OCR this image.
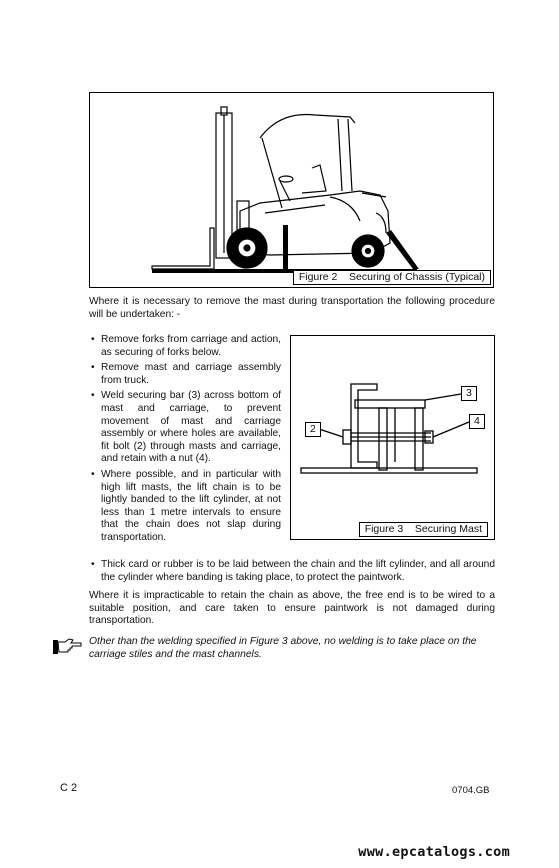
Figure 2    Securing of Chassis (Typical)
Where it is necessary to remove the mast during transportation the following procedure will be undertaken: -
• Remove forks from carriage and action, as securing of forks below.
• Remove mast and carriage assembly from truck.
• Weld securing bar (3) across bottom of mast and carriage, to prevent movement of mast and carriage assembly or where holes are available, fit bolt (2) through masts and carriage, and retain with a nut (4).
• Where possible, and in particular with high lift masts, the lift chain is to be lightly banded to the lift cylinder, at not less than 1 metre intervals to ensure that the chain does not slap during transportation.
3
2
4
Figure 3    Securing Mast
• Thick card or rubber is to be laid between the chain and the lift cylinder, and all around the cylinder where banding is taking place, to protect the paintwork.
Where it is impracticable to retain the chain as above, the free end is to be wired to a suitable position, and care taken to ensure paintwork is not damaged during transportation.
Other than the welding specified in Figure 3 above, no welding is to take place on the carriage stiles and the mast channels.
C 2	0704.GB
www.epcatalogs.com
